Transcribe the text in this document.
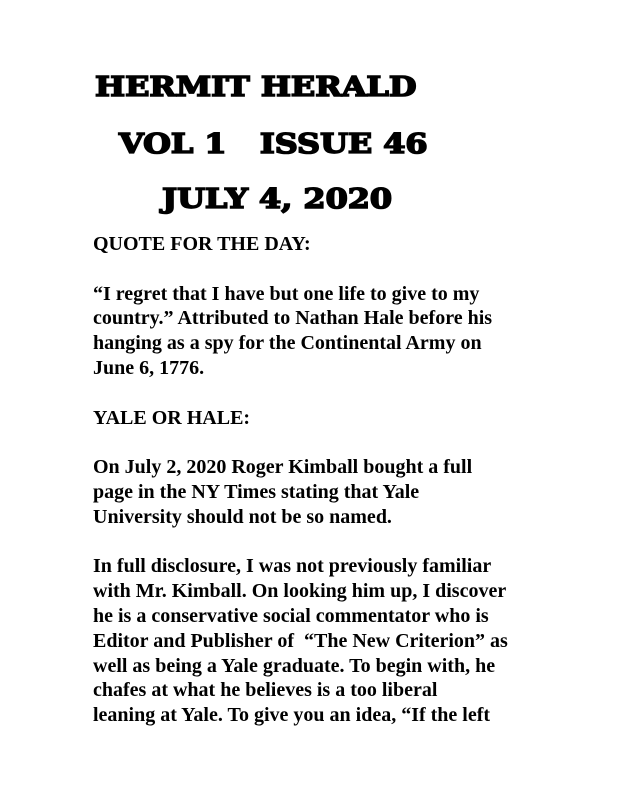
HERMIT HERALD
VOL 1   ISSUE 46
JULY 4, 2020
QUOTE FOR THE DAY:

“I regret that I have but one life to give to my
country.” Attributed to Nathan Hale before his
hanging as a spy for the Continental Army on
June 6, 1776.

YALE OR HALE:

On July 2, 2020 Roger Kimball bought a full
page in the NY Times stating that Yale
University should not be so named.

In full disclosure, I was not previously familiar
with Mr. Kimball. On looking him up, I discover
he is a conservative social commentator who is
Editor and Publisher of  “The New Criterion” as
well as being a Yale graduate. To begin with, he
chafes at what he believes is a too liberal
leaning at Yale. To give you an idea, “If the left
